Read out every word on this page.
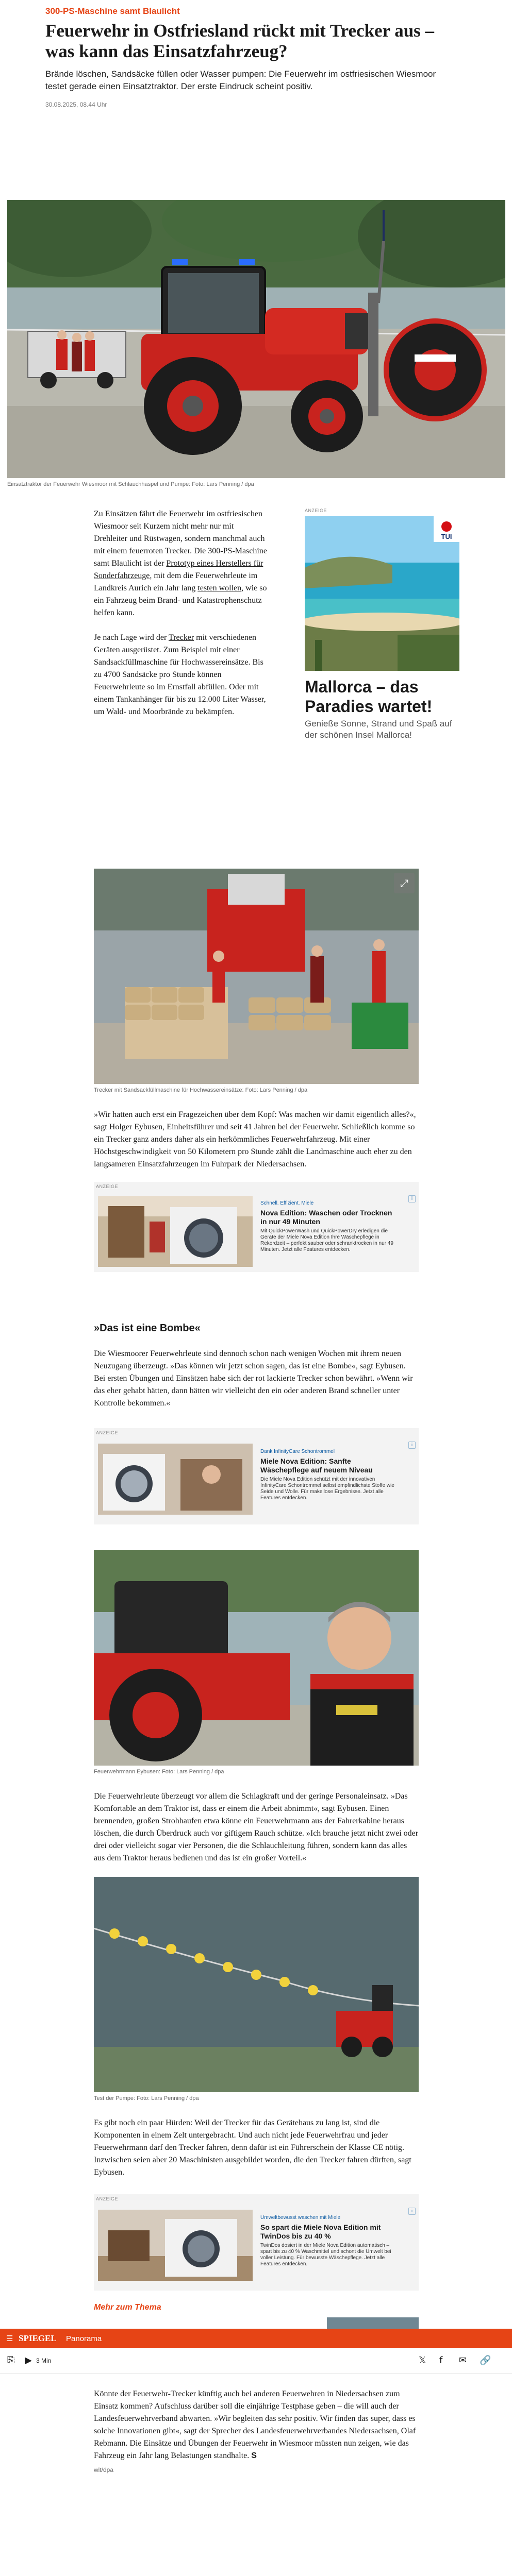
300-PS-Maschine samt Blaulicht
Feuerwehr in Ostfriesland rückt mit Trecker aus – was kann das Einsatzfahrzeug?

Brände löschen, Sandsäcke füllen oder Wasser pumpen: Die Feuerwehr im ostfriesischen Wiesmoor testet gerade einen Einsatztraktor. Der erste Eindruck scheint positiv.

30.08.2025, 08.44 Uhr
Einsatztraktor der Feuerwehr Wiesmoor mit Schlauchhaspel und Pumpe: Foto: Lars Penning / dpa

Zu Einsätzen fährt die Feuerwehr im ostfriesischen Wiesmoor seit Kurzem nicht mehr nur mit Drehleiter und Rüstwagen, sondern manchmal auch mit einem feuerroten Trecker. Die 300-PS-Maschine samt Blaulicht ist der Prototyp eines Herstellers für Sonderfahrzeuge, mit dem die Feuerwehrleute im Landkreis Aurich ein Jahr lang testen wollen, wie so ein Fahrzeug beim Brand- und Katastrophenschutz helfen kann.

Je nach Lage wird der Trecker mit verschiedenen Geräten ausgerüstet. Zum Beispiel mit einer Sandsackfüllmaschine für Hochwassereinsätze. Bis zu 4700 Sandsäcke pro Stunde können Feuerwehrleute so im Ernstfall abfüllen. Oder mit einem Tankanhänger für bis zu 12.000 Liter Wasser, um Wald- und Moorbrände zu bekämpfen.

ANZEIGE
TUI
Mallorca – das Paradies wartet!
Genieße Sonne, Strand und Spaß auf der schönen Insel Mallorca!
⤢
Trecker mit Sandsackfüllmaschine für Hochwassereinsätze: Foto: Lars Penning / dpa

»Wir hatten auch erst ein Fragezeichen über dem Kopf: Was machen wir damit eigentlich alles?«, sagt Holger Eybusen, Einheitsführer und seit 41 Jahren bei der Feuerwehr. Schließlich komme so ein Trecker ganz anders daher als ein herkömmliches Feuerwehrfahrzeug. Mit einer Höchstgeschwindigkeit von 50 Kilometern pro Stunde zählt die Landmaschine auch eher zu den langsameren Einsatzfahrzeugen im Fuhrpark der Niedersachsen.

ANZEIGE
i
Schnell. Effizient. Miele
Nova Edition: Waschen oder Trocknen in nur 49 Minuten
Mit QuickPowerWash und QuickPowerDry erledigen die Geräte der Miele Nova Edition Ihre Wäschepflege in Rekordzeit – perfekt sauber oder schranktrocken in nur 49 Minuten. Jetzt alle Features entdecken.
»Das ist eine Bombe«

Die Wiesmoorer Feuerwehrleute sind dennoch schon nach wenigen Wochen mit ihrem neuen Neuzugang überzeugt. »Das können wir jetzt schon sagen, das ist eine Bombe«, sagt Eybusen. Bei ersten Übungen und Einsätzen habe sich der rot lackierte Trecker schon bewährt. »Wenn wir das eher gehabt hätten, dann hätten wir vielleicht den ein oder anderen Brand schneller unter Kontrolle bekommen.«

ANZEIGE
i
Dank InfinityCare Schontrommel
Miele Nova Edition: Sanfte Wäschepflege auf neuem Niveau
Die Miele Nova Edition schützt mit der innovativen InfinityCare Schontrommel selbst empfindlichste Stoffe wie Seide und Wolle. Für makellose Ergebnisse. Jetzt alle Features entdecken.
Feuerwehrmann Eybusen: Foto: Lars Penning / dpa

Die Feuerwehrleute überzeugt vor allem die Schlagkraft und der geringe Personaleinsatz. »Das Komfortable an dem Traktor ist, dass er einem die Arbeit abnimmt«, sagt Eybusen. Einen brennenden, großen Strohhaufen etwa könne ein Feuerwehrmann aus der Fahrerkabine heraus löschen, die durch Überdruck auch vor giftigem Rauch schütze. »Ich brauche jetzt nicht zwei oder drei oder vielleicht sogar vier Personen, die die Schlauchleitung führen, sondern kann das alles aus dem Traktor heraus bedienen und das ist ein großer Vorteil.«

Test der Pumpe: Foto: Lars Penning / dpa

Es gibt noch ein paar Hürden: Weil der Trecker für das Gerätehaus zu lang ist, sind die Komponenten in einem Zelt untergebracht. Und auch nicht jede Feuerwehrfrau und jeder Feuerwehrmann darf den Trecker fahren, denn dafür ist ein Führerschein der Klasse CE nötig. Inzwischen seien aber 20 Maschinisten ausgebildet worden, die den Trecker fahren dürften, sagt Eybusen.

ANZEIGE
i
Umweltbewusst waschen mit Miele
So spart die Miele Nova Edition mit TwinDos bis zu 40 %
TwinDos dosiert in der Miele Nova Edition automatisch – spart bis zu 40 % Waschmittel und schont die Umwelt bei voller Leistung. Für bewusste Wäschepflege. Jetzt alle Features entdecken.
Mehr zum Thema
☰ SPIEGEL Panorama
⎘ ▶ 3 Min	𝕏 f ✉ 🔗

Könnte der Feuerwehr-Trecker künftig auch bei anderen Feuerwehren in Niedersachsen zum Einsatz kommen? Aufschluss darüber soll die einjährige Testphase geben – die will auch der Landesfeuerwehrverband abwarten. »Wir begleiten das sehr positiv. Wir finden das super, dass es solche Innovationen gibt«, sagt der Sprecher des Landesfeuerwehrverbandes Niedersachsen, Olaf Rebmann. Die Einsätze und Übungen der Feuerwehr in Wiesmoor müssten nun zeigen, wie das Fahrzeug ein Jahr lang Belastungen standhalte. S

wit/dpa
